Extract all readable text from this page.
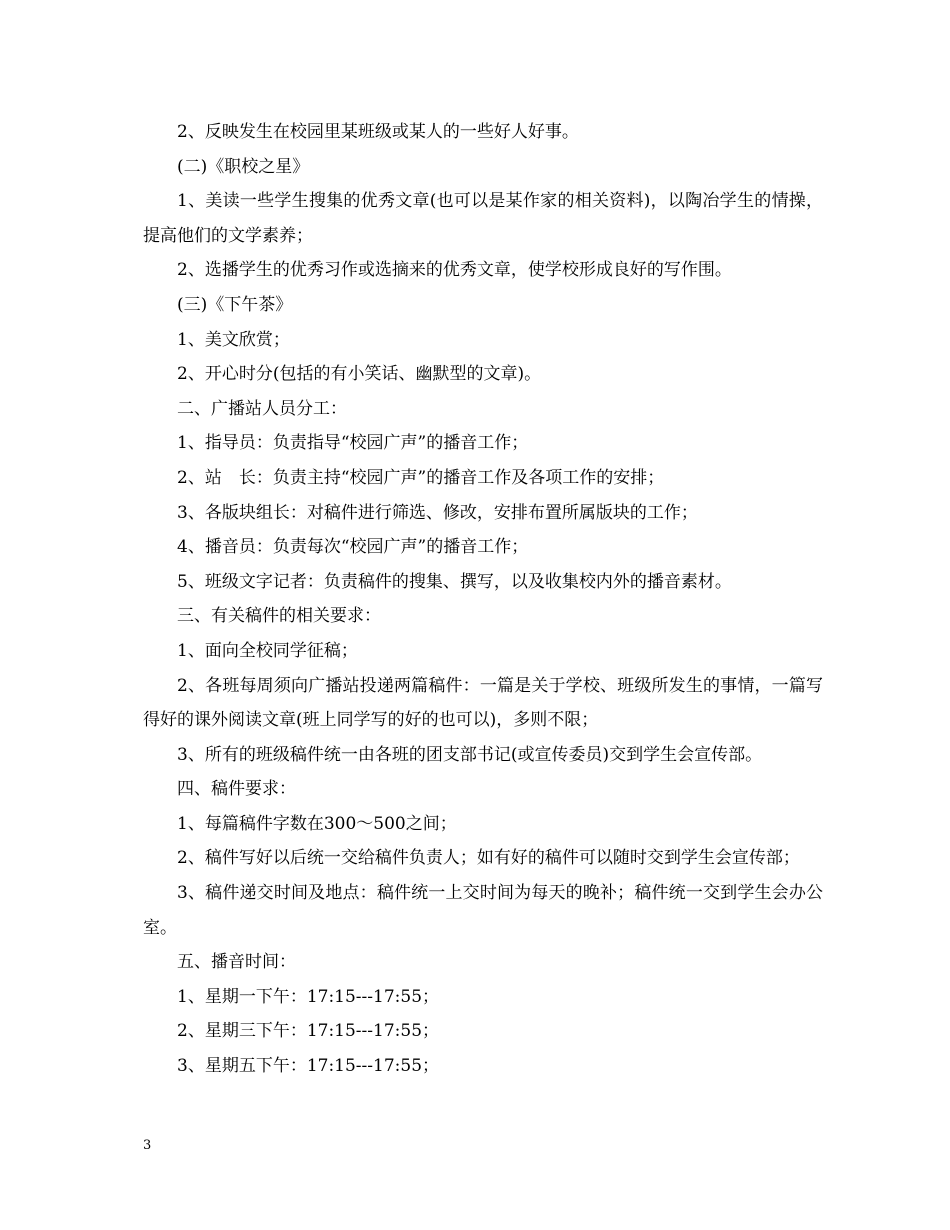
2、反映发生在校园里某班级或某人的一些好人好事。

(二)《职校之星》

1、美读一些学生搜集的优秀文章(也可以是某作家的相关资料)，以陶冶学生的情操，提高他们的文学素养；

2、选播学生的优秀习作或选摘来的优秀文章，使学校形成良好的写作围。

(三)《下午茶》

1、美文欣赏；

2、开心时分(包括的有小笑话、幽默型的文章)。

二、广播站人员分工：

1、指导员：负责指导“校园广声”的播音工作；

2、站　长：负责主持“校园广声”的播音工作及各项工作的安排；

3、各版块组长：对稿件进行筛选、修改，安排布置所属版块的工作；

4、播音员：负责每次“校园广声”的播音工作；

5、班级文字记者：负责稿件的搜集、撰写，以及收集校内外的播音素材。

三、有关稿件的相关要求：

1、面向全校同学征稿；

2、各班每周须向广播站投递两篇稿件：一篇是关于学校、班级所发生的事情，一篇写得好的课外阅读文章(班上同学写的好的也可以)，多则不限；

3、所有的班级稿件统一由各班的团支部书记(或宣传委员)交到学生会宣传部。

四、稿件要求：

1、每篇稿件字数在300～500之间；

2、稿件写好以后统一交给稿件负责人；如有好的稿件可以随时交到学生会宣传部；

3、稿件递交时间及地点：稿件统一上交时间为每天的晚补；稿件统一交到学生会办公室。

五、播音时间：

1、星期一下午：17:15---17:55；

2、星期三下午：17:15---17:55；

3、星期五下午：17:15---17:55；

3
